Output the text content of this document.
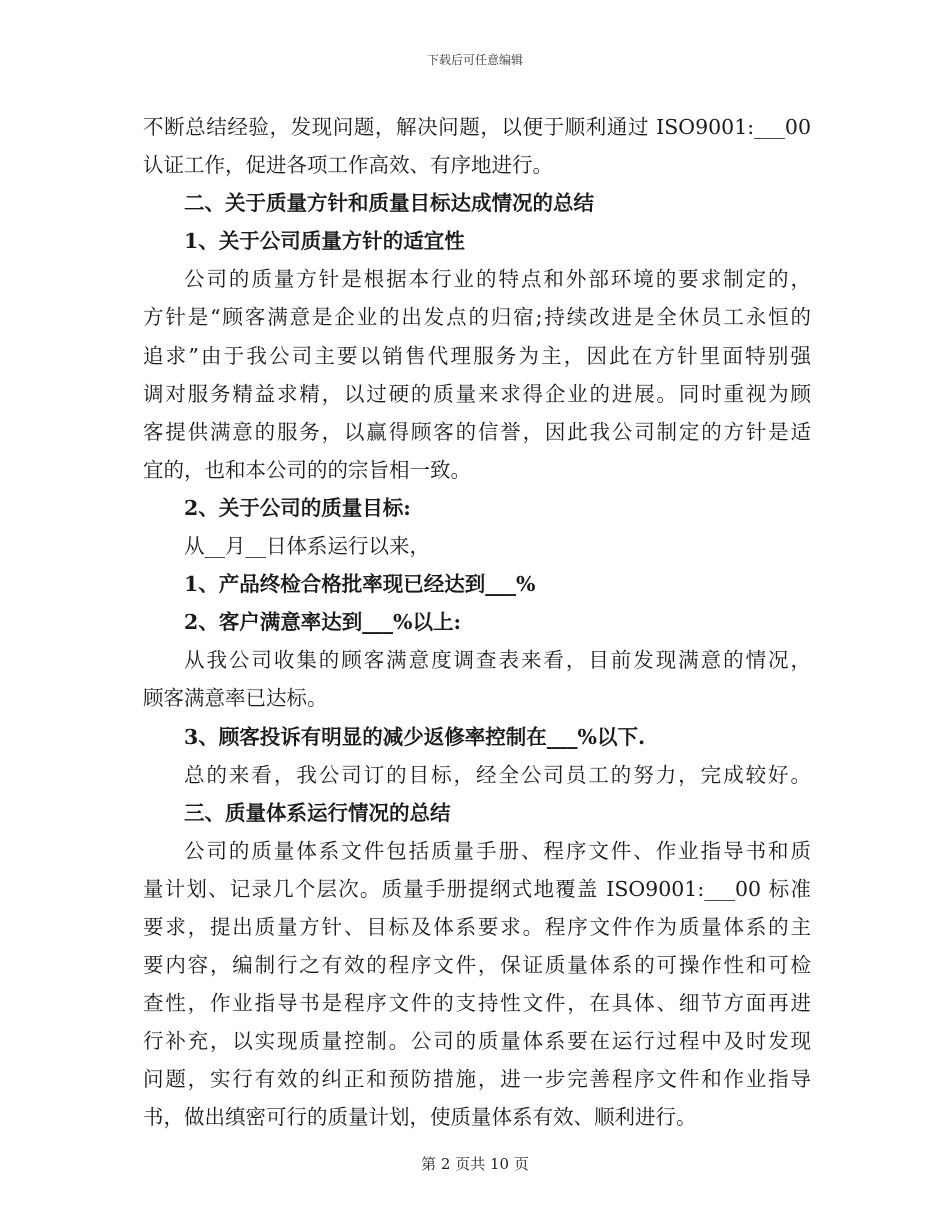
下载后可任意编辑
不断总结经验，发现问题，解决问题，以便于顺利通过 ISO9001:___00
认证工作，促进各项工作高效、有序地进行。
二、关于质量方针和质量目标达成情况的总结
1、关于公司质量方针的适宜性
公司的质量方针是根据本行业的特点和外部环境的要求制定的，
方针是“顾客满意是企业的出发点的归宿;持续改进是全休员工永恒的
追求”由于我公司主要以销售代理服务为主，因此在方针里面特别强
调对服务精益求精，以过硬的质量来求得企业的进展。同时重视为顾
客提供满意的服务，以赢得顾客的信誉，因此我公司制定的方针是适
宜的，也和本公司的的宗旨相一致。
2、关于公司的质量目标:
从__月__日体系运行以来，
1、产品终检合格批率现已经达到___%
2、客户满意率达到___%以上:
从我公司收集的顾客满意度调查表来看，目前发现满意的情况，
顾客满意率已达标。
3、顾客投诉有明显的减少返修率控制在___%以下.
总的来看，我公司订的目标，经全公司员工的努力，完成较好。
三、质量体系运行情况的总结
公司的质量体系文件包括质量手册、程序文件、作业指导书和质
量计划、记录几个层次。质量手册提纲式地覆盖 ISO9001:___00 标准
要求，提出质量方针、目标及体系要求。程序文件作为质量体系的主
要内容，编制行之有效的程序文件，保证质量体系的可操作性和可检
查性，作业指导书是程序文件的支持性文件，在具体、细节方面再进
行补充，以实现质量控制。公司的质量体系要在运行过程中及时发现
问题，实行有效的纠正和预防措施，进一步完善程序文件和作业指导
书，做出缜密可行的质量计划，使质量体系有效、顺利进行。
第 2 页共 10 页
